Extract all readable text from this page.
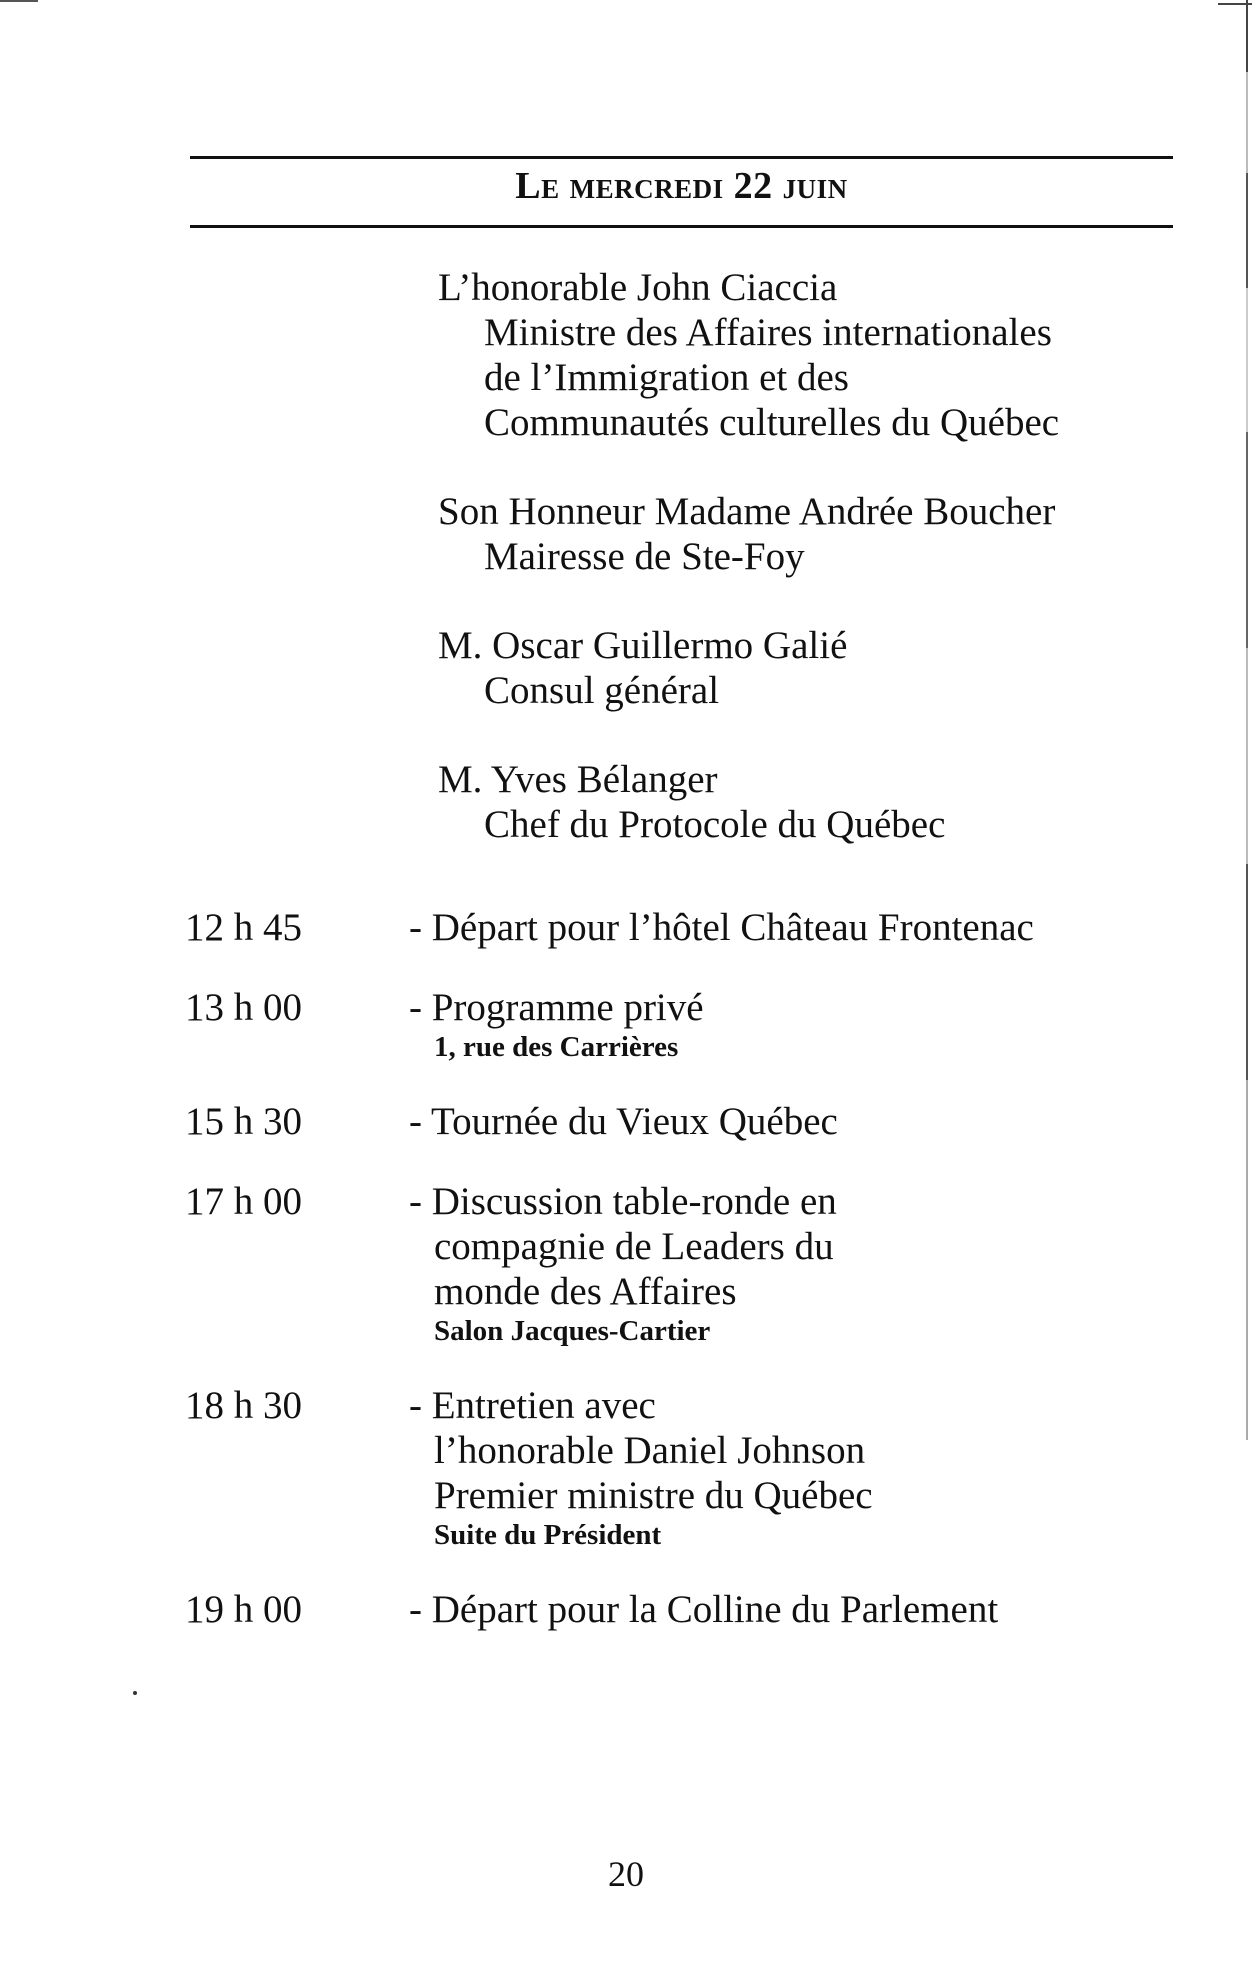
Le mercredi 22 juin
L’honorable John Ciaccia
Ministre des Affaires internationales
de l’Immigration et des
Communautés culturelles du Québec
Son Honneur Madame Andrée Boucher
Mairesse de Ste-Foy
M. Oscar Guillermo Galié
Consul général
M. Yves Bélanger
Chef du Protocole du Québec
12 h 45	- Départ pour l’hôtel Château Frontenac
13 h 00	- Programme privé
1, rue des Carrières
15 h 30	- Tournée du Vieux Québec
17 h 00	- Discussion table-ronde en
compagnie de Leaders du
monde des Affaires
Salon Jacques-Cartier
18 h 30	- Entretien avec
l’honorable Daniel Johnson
Premier ministre du Québec
Suite du Président
19 h 00	- Départ pour la Colline du Parlement
20
